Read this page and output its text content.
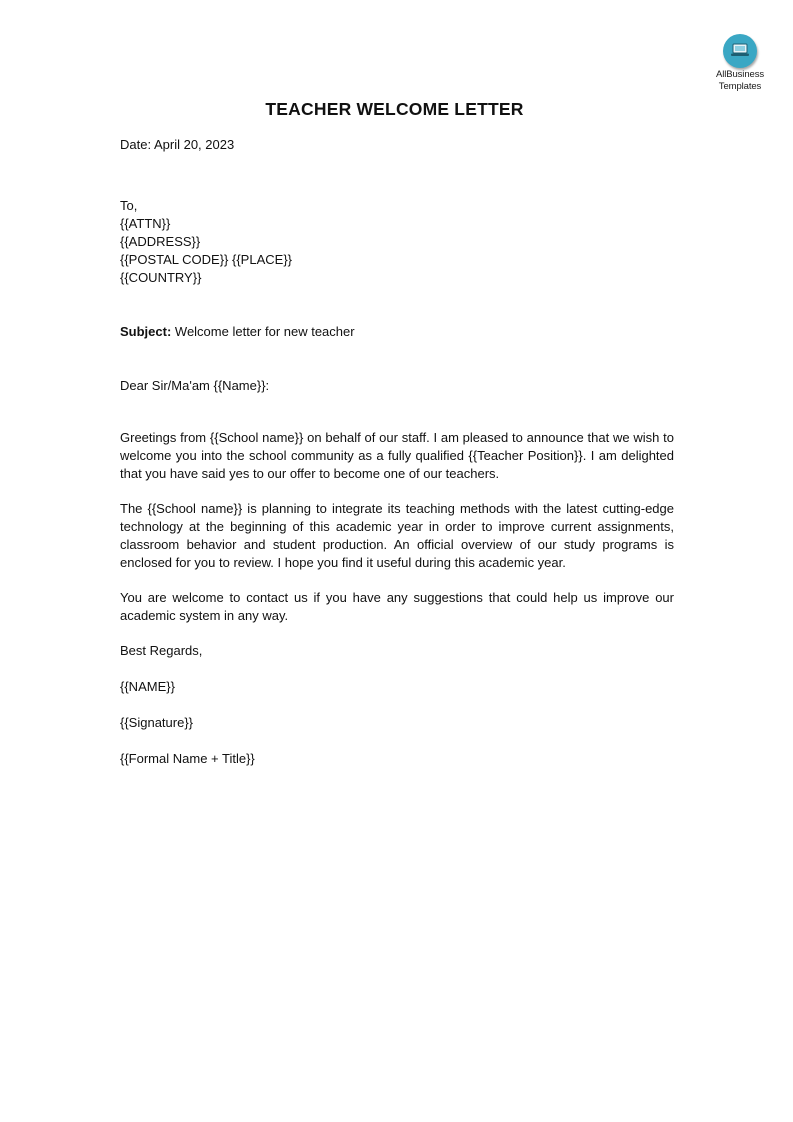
AllBusiness
Templates
TEACHER WELCOME LETTER

Date: April 20, 2023

To,

{{ATTN}}

{{ADDRESS}}

{{POSTAL CODE}} {{PLACE}}

{{COUNTRY}}

Subject: Welcome letter for new teacher

Dear Sir/Ma'am {{Name}}:

Greetings from {{School name}} on behalf of our staff. I am pleased to announce that we wish to welcome you into the school community as a fully qualified {{Teacher Position}}. I am delighted that you have said yes to our offer to become one of our teachers.

The {{School name}} is planning to integrate its teaching methods with the latest cutting-edge technology at the beginning of this academic year in order to improve current assignments, classroom behavior and student production. An official overview of our study programs is enclosed for you to review. I hope you find it useful during this academic year.

You are welcome to contact us if you have any suggestions that could help us improve our academic system in any way.

Best Regards,

{{NAME}}

{{Signature}}

{{Formal Name + Title}}
